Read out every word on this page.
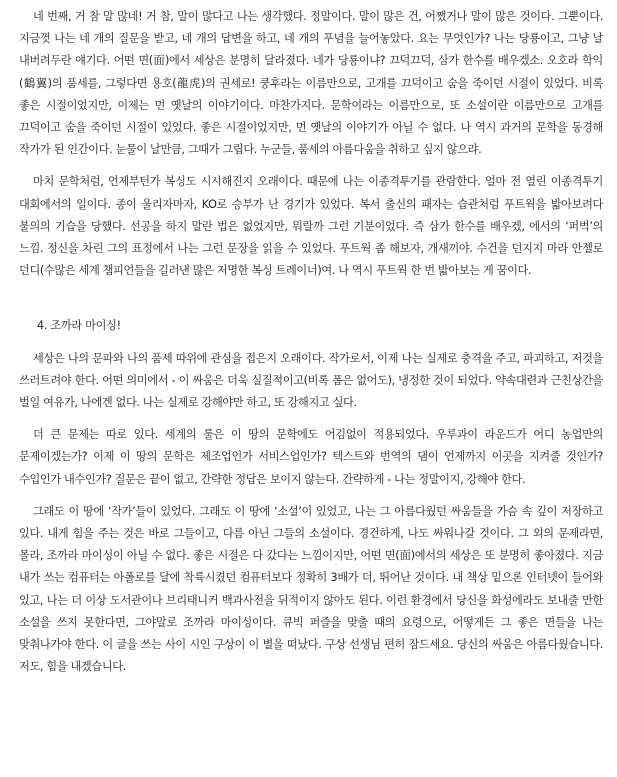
네 번째, 거 참 말 많네! 거 참, 말이 많다고 나는 생각했다. 정말이다. 말이 많은 건, 어쨌거나 말이 많은 것이다. 그뿐이다. 지금껏 나는 네 개의 질문을 받고, 네 개의 답변을 하고, 네 개의 푸념을 늘어놓았다. 요는 무엇인가? 나는 당룡이고, 그냥 날 내버려두란 얘기다. 어떤 면(面)에서 세상은 분명히 달라졌다. 네가 당룡이냐? 끄덕끄덕, 삼가 한수를 배우겠소. 오호라 학익(鶴翼)의 품세를, 그렇다면 용호(龍虎)의 권세로! 쿵후라는 이름만으로, 고개를 끄덕이고 숨을 죽이던 시절이 있었다. 비록 좋은 시절이었지만, 이제는 먼 옛날의 이야기이다. 마찬가지다. 문학이라는 이름만으로, 또 소설이란 이름만으로 고개를 끄덕이고 숨을 죽이던 시절이 있었다. 좋은 시절이었지만, 먼 옛날의 이야기가 아닐 수 없다. 나 역시 과거의 문학을 동경해 작가가 된 인간이다. 눈물이 날만큼, 그때가 그립다. 누군들, 품세의 아름다움을 취하고 싶지 않으랴.

마치 문학처럼, 언제부턴가 복싱도 시시해진지 오래이다. 때문에 나는 이종격투기를 관람한다. 얼마 전 열린 이종격투기 대회에서의 일이다. 종이 울리자마자, KO로 승부가 난 경기가 있었다. 복서 출신의 패자는 습관처럼 푸트웍을 밟아보려다 불의의 기습을 당했다. 선공을 하지 말란 법은 없었지만, 뭐랄까 그런 기분이었다. 즉 삼가 한수를 배우겠, 에서의 ‘퍼벅’의 느낌. 정신을 차린 그의 표정에서 나는 그런 문장을 읽을 수 있었다. 푸트웍 좀 해보자, 개새끼야. 수건을 던지지 마라 안젤로 던디(수많은 세계 챔피언들을 길러낸 많은 저명한 복싱 트레이너)여. 나 역시 푸트웍 한 번 밟아보는 게 꿈이다.

4. 조까라 마이싱!

세상은 나의 문파와 나의 품세 따위에 관심을 접은지 오래이다. 작가로서, 이제 나는 실제로 충격을 주고, 파괴하고, 저것을 쓰러트려야 한다. 어떤 의미에서 - 이 싸움은 더욱 실질적이고(비록 폼은 없어도), 냉정한 것이 되었다. 약속대련과 근친상간을 벌일 여유가, 나에겐 없다. 나는 실제로 강해야만 하고, 또 강해지고 싶다.

더 큰 문제는 따로 있다. 세계의 룰은 이 땅의 문학에도 어김없이 적용되었다. 우루과이 라운드가 어디 농업만의 문제이겠는가? 이제 이 땅의 문학은 제조업인가 서비스업인가? 텍스트와 번역의 댐이 언제까지 이곳을 지켜줄 것인가? 수입인가 내수인가? 질문은 끝이 없고, 간략한 정답은 보이지 않는다. 간략하게 - 나는 정말이지, 강해야 한다.

그래도 이 땅에 ‘작가’들이 있었다. 그래도 이 땅에 ‘소설’이 있었고, 나는 그 아름다웠던 싸움들을 가슴 속 깊이 저장하고 있다. 내게 힘을 주는 것은 바로 그들이고, 다름 아닌 그들의 소설이다. 경건하게, 나도 싸워나갈 것이다. 그 외의 문제라면, 몰라, 조까라 마이싱이 아닐 수 없다. 좋은 시절은 다 갔다는 느낌이지만, 어떤 면(面)에서의 세상은 또 분명히 좋아졌다. 지금 내가 쓰는 컴퓨터는 아폴로를 달에 착륙시켰던 컴퓨터보다 정확히 3배가 더, 뛰어난 것이다. 내 책상 밑으론 인터넷이 들어와 있고, 나는 더 이상 도서관이나 브리태니커 백과사전을 뒤적이지 않아도 된다. 이런 환경에서 당신을 화성에라도 보내줄 만한 소설을 쓰지 못한다면, 그야말로 조까라 마이싱이다. 큐빅 퍼즐을 맞출 때의 요령으로, 어떻게든 그 좋은 면들을 나는 맞춰나가야 한다. 이 글을 쓰는 사이 시인 구상이 이 별을 떠났다. 구상 선생님 편히 잠드세요. 당신의 싸움은 아름다웠습니다. 저도, 힘을 내겠습니다.
